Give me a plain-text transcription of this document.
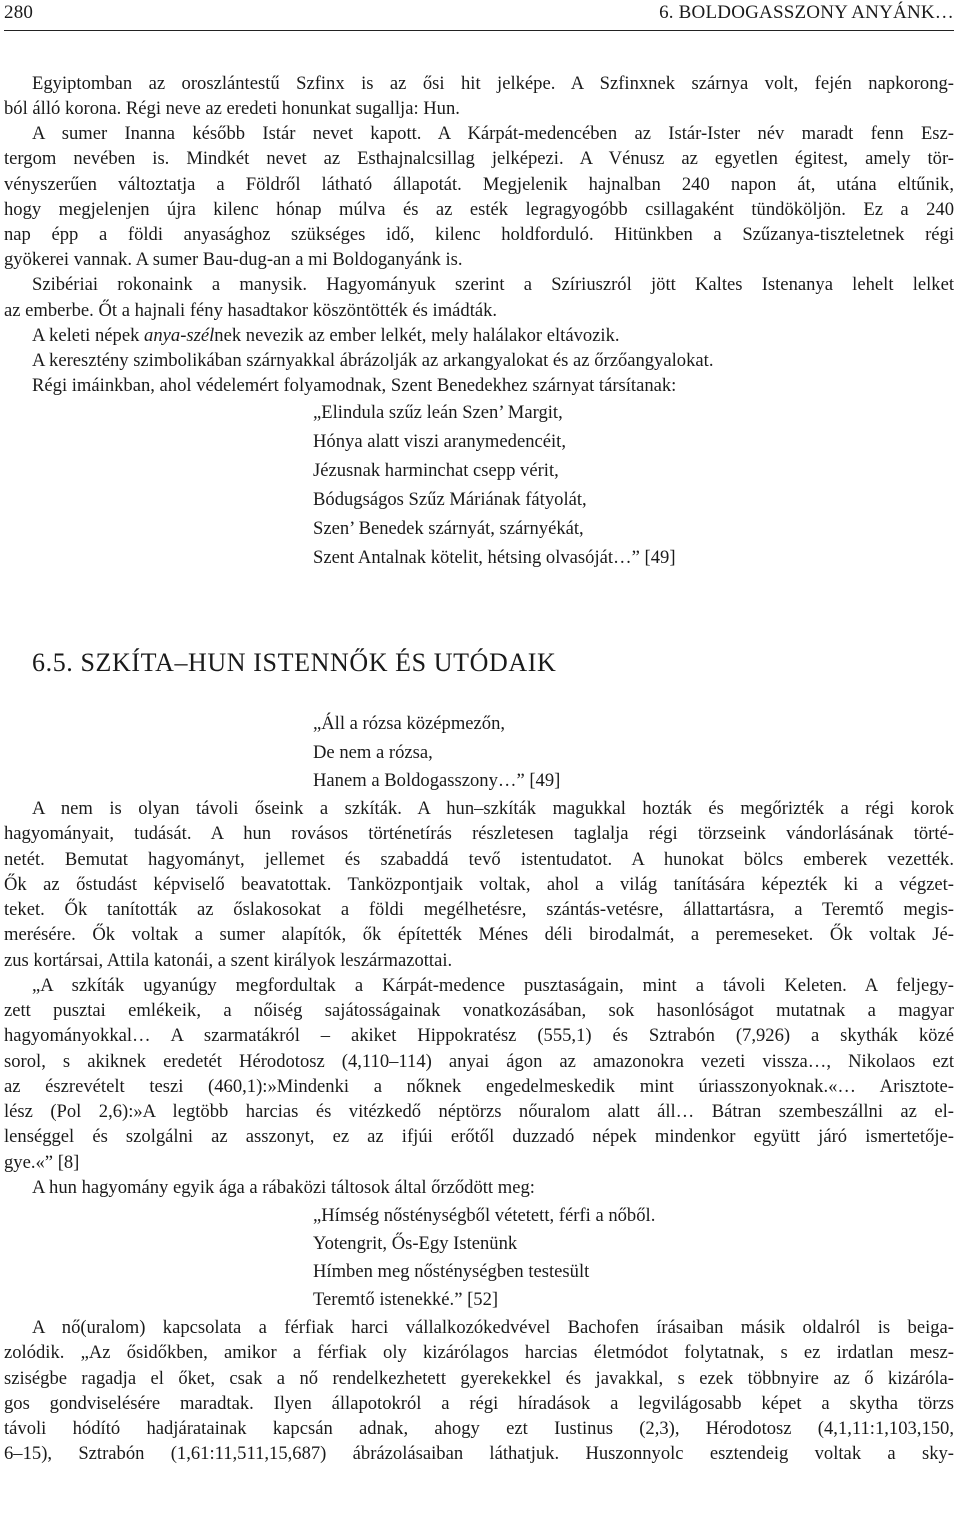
280	6. BOLDOGASSZONY ANYÁNK…
Egyiptomban az oroszlántestű Szfinx is az ősi hit jelképe. A Szfinxnek szárnya volt, fején napkorong-
ból álló korona. Régi neve az eredeti honunkat sugallja: Hun.
A sumer Inanna később Istár nevet kapott. A Kárpát-medencében az Istár-Ister név maradt fenn Esz-
tergom nevében is. Mindkét nevet az Esthajnalcsillag jelképezi. A Vénusz az egyetlen égitest, amely tör-
vényszerűen változtatja a Földről látható állapotát. Megjelenik hajnalban 240 napon át, utána eltűnik,
hogy megjelenjen újra kilenc hónap múlva és az esték legragyogóbb csillagaként tündököljön. Ez a 240
nap épp a földi anyasághoz szükséges idő, kilenc holdforduló. Hitünkben a Szűzanya-tiszteletnek régi
gyökerei vannak. A sumer Bau-dug-an a mi Boldoganyánk is.
Szibériai rokonaink a manysik. Hagyományuk szerint a Szíriuszról jött Kaltes Istenanya lehelt lelket
az emberbe. Őt a hajnali fény hasadtakor köszöntötték és imádták.
A keleti népek anya-szélnek nevezik az ember lelkét, mely halálakor eltávozik.
A keresztény szimbolikában szárnyakkal ábrázolják az arkangyalokat és az őrzőangyalokat.
Régi imáinkban, ahol védelemért folyamodnak, Szent Benedekhez szárnyat társítanak:
„Elindula szűz leán Szen’ Margit,
Hónya alatt viszi aranymedencéit,
Jézusnak harminchat csepp vérit,
Bódugságos Szűz Máriának fátyolát,
Szen’ Benedek szárnyát, szárnyékát,
Szent Antalnak kötelit, hétsing olvasóját…” [49]
6.5. SZKÍTA–HUN ISTENNŐK ÉS UTÓDAIK
„Áll a rózsa középmezőn,
De nem a rózsa,
Hanem a Boldogasszony…” [49]
A nem is olyan távoli őseink a szkíták. A hun–szkíták magukkal hozták és megőrizték a régi korok
hagyományait, tudását. A hun rovásos történetírás részletesen taglalja régi törzseink vándorlásának törté-
netét. Bemutat hagyományt, jellemet és szabaddá tevő istentudatot. A hunokat bölcs emberek vezették.
Ők az őstudást képviselő beavatottak. Tanközpontjaik voltak, ahol a világ tanítására képezték ki a végzet-
teket. Ők tanították az őslakosokat a földi megélhetésre, szántás-vetésre, állattartásra, a Teremtő megis-
merésére. Ők voltak a sumer alapítók, ők építették Ménes déli birodalmát, a peremeseket. Ők voltak Jé-
zus kortársai, Attila katonái, a szent királyok leszármazottai.
„A szkíták ugyanúgy megfordultak a Kárpát-medence pusztaságain, mint a távoli Keleten. A feljegy-
zett pusztai emlékeik, a nőiség sajátosságainak vonatkozásában, sok hasonlóságot mutatnak a magyar
hagyományokkal… A szarmatákról – akiket Hippokratész (555,1) és Sztrabón (7,926) a skythák közé
sorol, s akiknek eredetét Hérodotosz (4,110–114) anyai ágon az amazonokra vezeti vissza…, Nikolaos ezt
az észrevételt teszi (460,1):»Mindenki a nőknek engedelmeskedik mint úriasszonyoknak.«… Arisztote-
lész (Pol 2,6):»A legtöbb harcias és vitézkedő néptörzs nőuralom alatt áll… Bátran szembeszállni az el-
lenséggel és szolgálni az asszonyt, ez az ifjúi erőtől duzzadó népek mindenkor együtt járó ismertetője-
gye.«” [8]
A hun hagyomány egyik ága a rábaközi táltosok által őrződött meg:
„Hímség nősténységből vétetett, férfi a nőből.
Yotengrit, Ős-Egy Istenünk
Hímben meg nősténységben testesült
Teremtő istenekké.” [52]
A nő(uralom) kapcsolata a férfiak harci vállalkozókedvével Bachofen írásaiban másik oldalról is beiga-
zolódik. „Az ősidőkben, amikor a férfiak oly kizárólagos harcias életmódot folytatnak, s ez irdatlan mesz-
sziségbe ragadja el őket, csak a nő rendelkezhetett gyerekekkel és javakkal, s ezek többnyire az ő kizáróla-
gos gondviselésére maradtak. Ilyen állapotokról a régi híradások a legvilágosabb képet a skytha törzs
távoli hódító hadjáratainak kapcsán adnak, ahogy ezt Iustinus (2,3), Hérodotosz (4,1,11:1,103,150,
6–15), Sztrabón (1,61:11,511,15,687) ábrázolásaiban láthatjuk. Huszonnyolc esztendeig voltak a sky-
